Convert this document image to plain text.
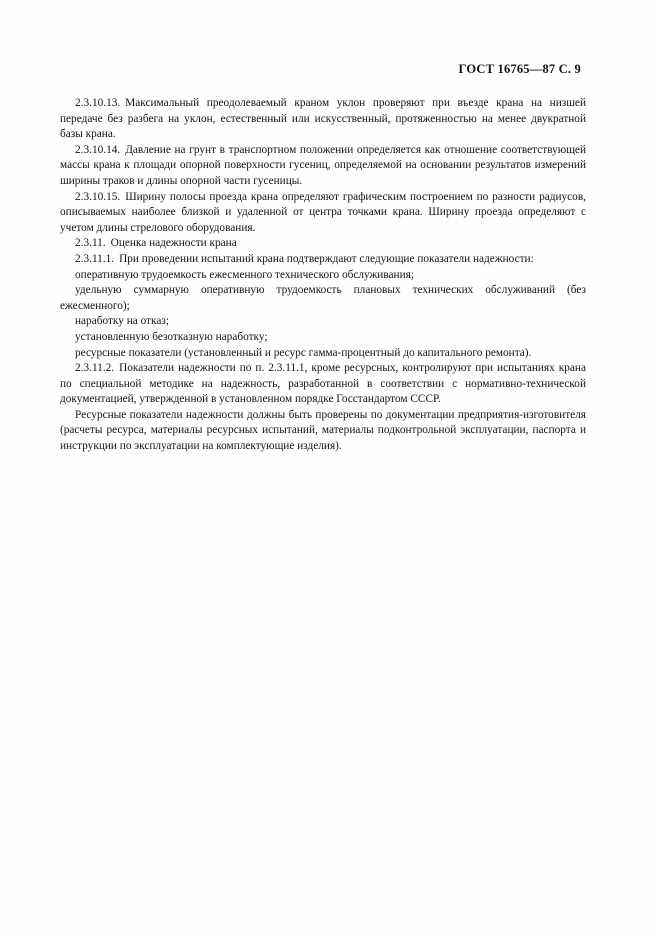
ГОСТ 16765—87 С. 9

2.3.10.13. Максимальный преодолеваемый краном уклон проверяют при въезде крана на низшей передаче без разбега на уклон, естественный или искусственный, протяженностью на менее двукратной базы крана.

2.3.10.14. Давление на грунт в транспортном положении определяется как отношение соответствующей массы крана к площади опорной поверхности гусениц, определяемой на основании результатов измерений ширины траков и длины опорной части гусеницы.

2.3.10.15. Ширину полосы проезда крана определяют графическим построением по разности радиусов, описываемых наиболее близкой и удаленной от центра точками крана. Ширину проезда определяют с учетом длины стрелового оборудования.

2.3.11. Оценка надежности крана

2.3.11.1. При проведении испытаний крана подтверждают следующие показатели надежности:

оперативную трудоемкость ежесменного технического обслуживания;

удельную суммарную оперативную трудоемкость плановых технических обслуживаний (без ежесменного);

наработку на отказ;

установленную безотказную наработку;

ресурсные показатели (установленный и ресурс гамма-процентный до капитального ремонта).

2.3.11.2. Показатели надежности по п. 2.3.11.1, кроме ресурсных, контролируют при испытаниях крана по специальной методике на надежность, разработанной в соответствии с нормативно-технической документацией, утвержденной в установленном порядке Госстандартом СССР.

Ресурсные показатели надежности должны быть проверены по документации предприятия-изготовителя (расчеты ресурса, материалы ресурсных испытаний, материалы подконтрольной эксплуатации, паспорта и инструкции по эксплуатации на комплектующие изделия).
